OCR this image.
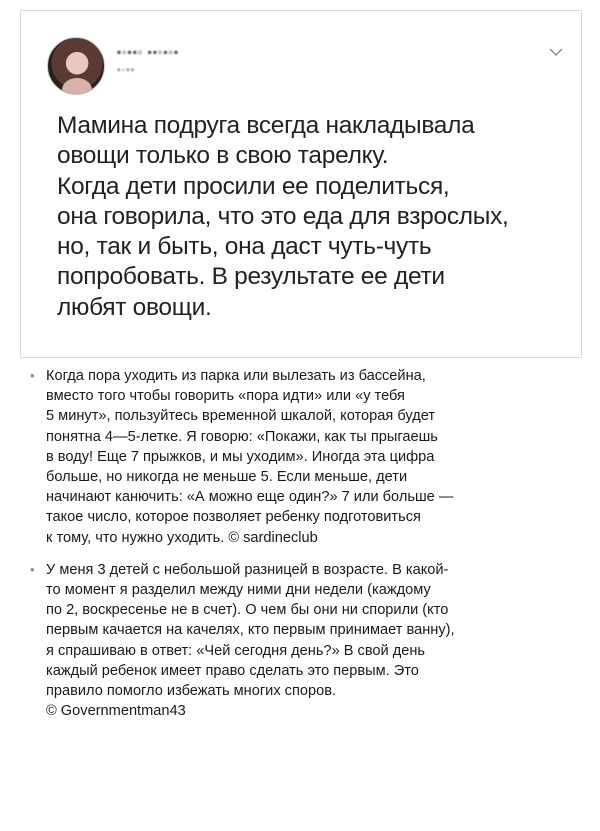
▪▫▪▪▫ ▪▪▫▪▫▪
▪▫▪▪
Мамина подруга всегда накладывала
овощи только в свою тарелку.
Когда дети просили ее поделиться,
она говорила, что это еда для взрослых,
но, так и быть, она даст чуть-чуть
попробовать. В результате ее дети
любят овощи.
• Когда пора уходить из парка или вылезать из бассейна,
вместо того чтобы говорить «пора идти» или «у тебя
5 минут», пользуйтесь временной шкалой, которая будет
понятна 4—5-летке. Я говорю: «Покажи, как ты прыгаешь
в воду! Еще 7 прыжков, и мы уходим». Иногда эта цифра
больше, но никогда не меньше 5. Если меньше, дети
начинают канючить: «А можно еще один?» 7 или больше —
такое число, которое позволяет ребенку подготовиться
к тому, что нужно уходить. © sardineclub
• У меня 3 детей с небольшой разницей в возрасте. В какой-
то момент я разделил между ними дни недели (каждому
по 2, воскресенье не в счет). О чем бы они ни спорили (кто
первым качается на качелях, кто первым принимает ванну),
я спрашиваю в ответ: «Чей сегодня день?» В свой день
каждый ребенок имеет право сделать это первым. Это
правило помогло избежать многих споров.
© Governmentman43
